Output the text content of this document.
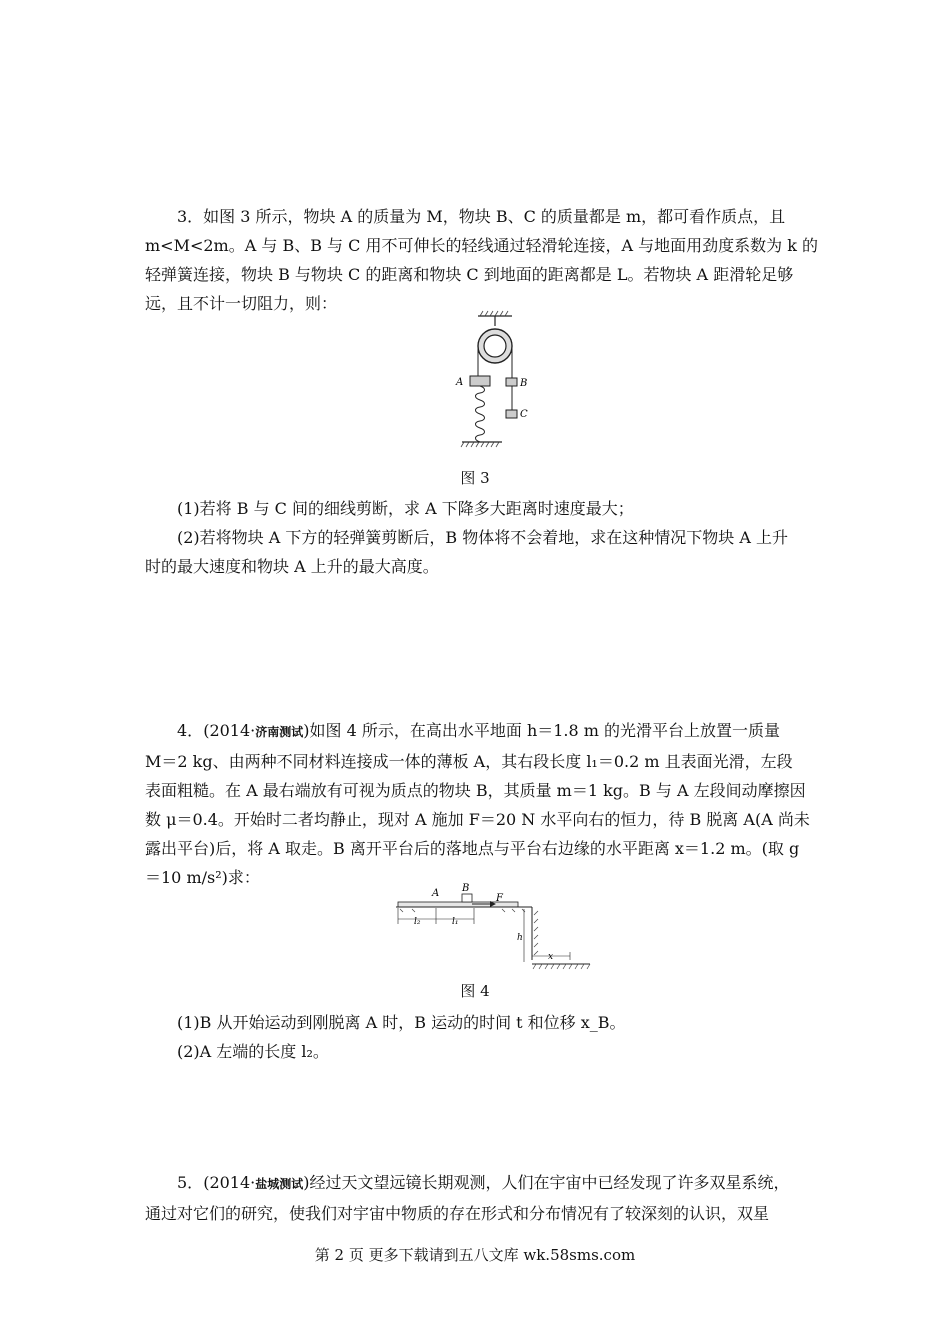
3．如图 3 所示，物块 A 的质量为 M，物块 B、C 的质量都是 m，都可看作质点，且
m<M<2m。A 与 B、B 与 C 用不可伸长的轻线通过轻滑轮连接，A 与地面用劲度系数为 k 的
轻弹簧连接，物块 B 与物块 C 的距离和物块 C 到地面的距离都是 L。若物块 A 距滑轮足够
远，且不计一切阻力，则：
A	B
C
图 3
(1)若将 B 与 C 间的细线剪断，求 A 下降多大距离时速度最大；
(2)若将物块 A 下方的轻弹簧剪断后，B 物体将不会着地，求在这种情况下物块 A 上升
时的最大速度和物块 A 上升的最大高度。
4．(2014·济南测试)如图 4 所示，在高出水平地面 h＝1.8 m 的光滑平台上放置一质量
M＝2 kg、由两种不同材料连接成一体的薄板 A，其右段长度 l₁＝0.2 m 且表面光滑，左段
表面粗糙。在 A 最右端放有可视为质点的物块 B，其质量 m＝1 kg。B 与 A 左段间动摩擦因
数 μ＝0.4。开始时二者均静止，现对 A 施加 F＝20 N 水平向右的恒力，待 B 脱离 A(A 尚未
露出平台)后，将 A 取走。B 离开平台后的落地点与平台右边缘的水平距离 x＝1.2 m。(取 g
＝10 m/s²)求：
A B
F
l₂	l₁
h
x
图 4
(1)B 从开始运动到刚脱离 A 时，B 运动的时间 t 和位移 x_B。
(2)A 左端的长度 l₂。
5．(2014·盐城测试)经过天文望远镜长期观测，人们在宇宙中已经发现了许多双星系统，
通过对它们的研究，使我们对宇宙中物质的存在形式和分布情况有了较深刻的认识，双星
第 2 页 更多下载请到五八文库 wk.58sms.com
